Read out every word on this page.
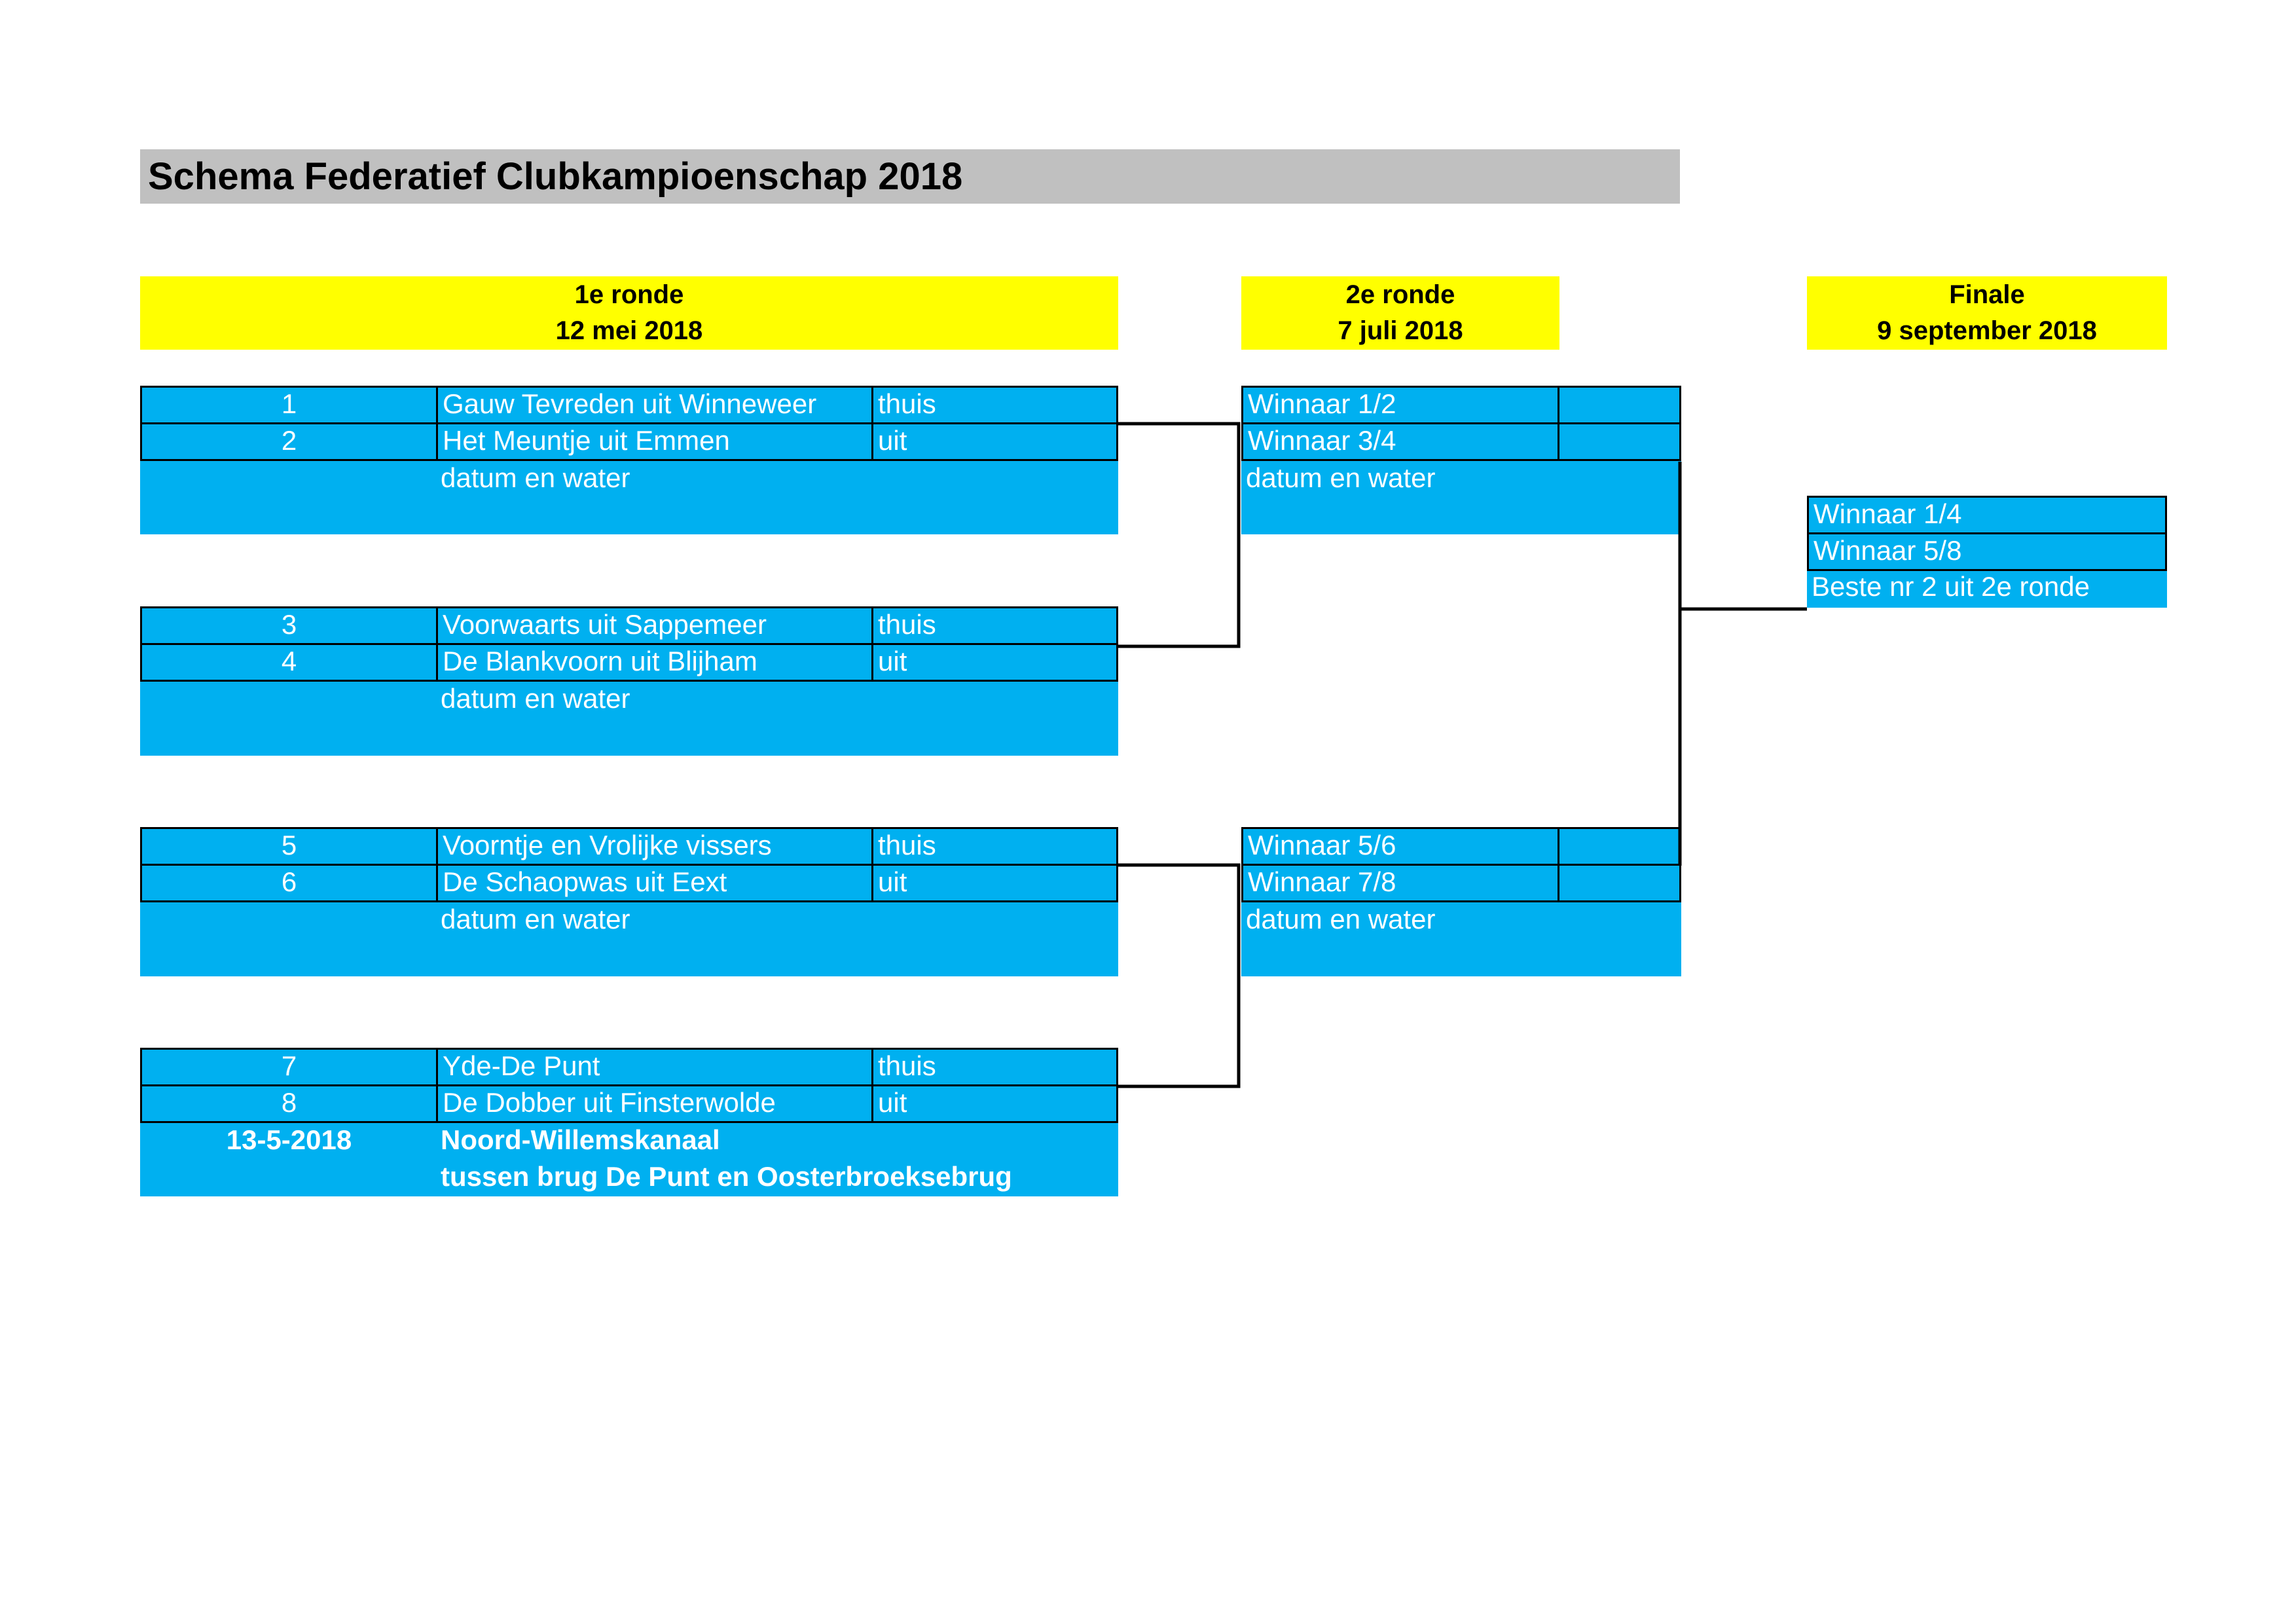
Schema Federatief Clubkampioenschap 2018
1e ronde
12 mei 2018
2e ronde
7 juli 2018
Finale
9 september 2018
1	Gauw Tevreden uit Winneweer	thuis
2	Het Meuntje uit Emmen	uit
datum en water
3	Voorwaarts uit Sappemeer	thuis
4	De Blankvoorn uit Blijham	uit
datum en water
5	Voorntje en Vrolijke vissers	thuis
6	De Schaopwas uit Eext	uit
datum en water
7	Yde-De Punt	thuis
8	De Dobber uit Finsterwolde	uit
13-5-2018	Noord-Willemskanaal
tussen brug De Punt en Oosterbroeksebrug
Winnaar 1/2
Winnaar 3/4
datum en water
Winnaar 5/6
Winnaar 7/8
datum en water
Winnaar 1/4
Winnaar 5/8
Beste nr 2 uit 2e ronde
